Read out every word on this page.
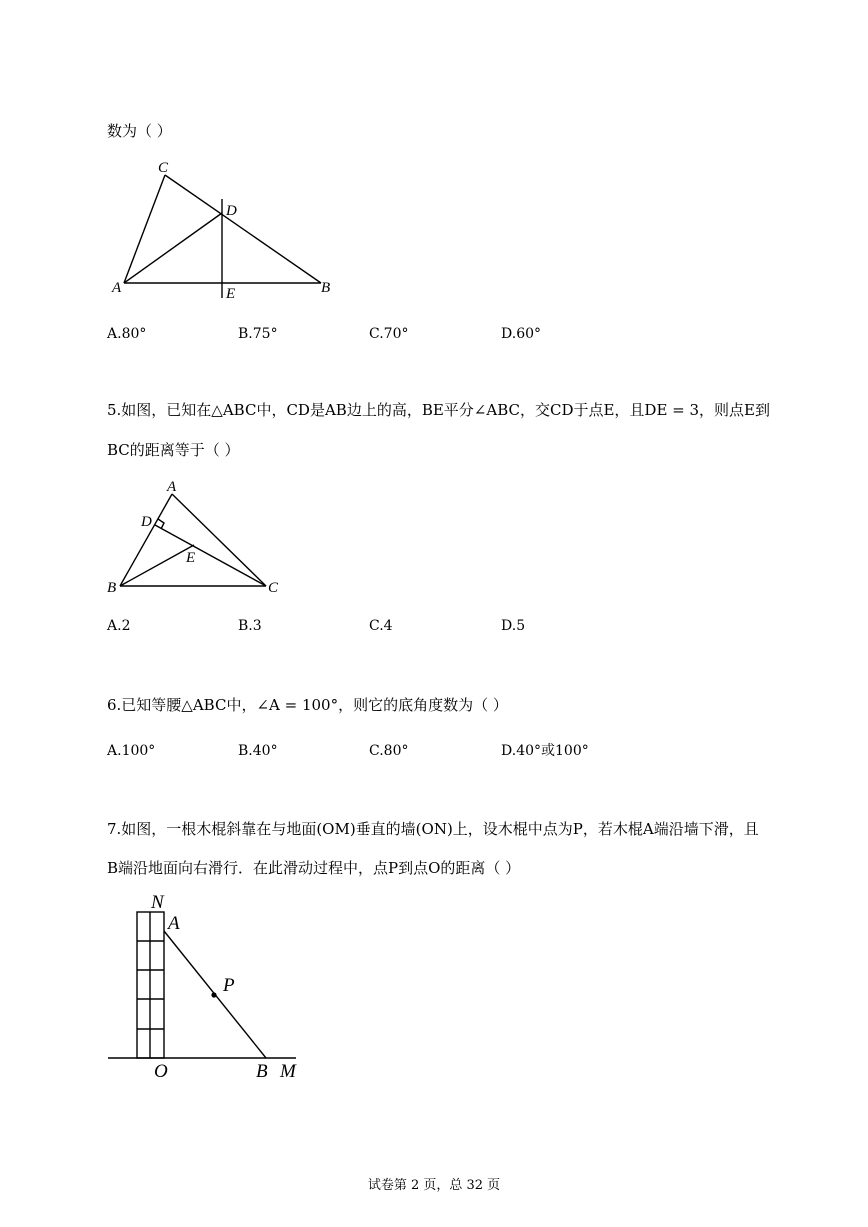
数为（ ）
C
D
A	E	B
A
D
E
B	C
N
A
P
O	B M
A.80°	B.75°	C.70°	D.60°
5.如图，已知在△ABC中，CD是AB边上的高，BE平分∠ABC，交CD于点E，且DE = 3，则点E到
BC的距离等于（ ）
A.2	B.3	C.4	D.5
6.已知等腰△ABC中，∠A = 100°，则它的底角度数为（ ）
A.100°	B.40°	C.80°	D.40°或100°
7.如图，一根木棍斜靠在与地面(OM)垂直的墙(ON)上，设木棍中点为P，若木棍A端沿墙下滑，且
B端沿地面向右滑行．在此滑动过程中，点P到点O的距离（ ）
试卷第 2 页，总 32 页
